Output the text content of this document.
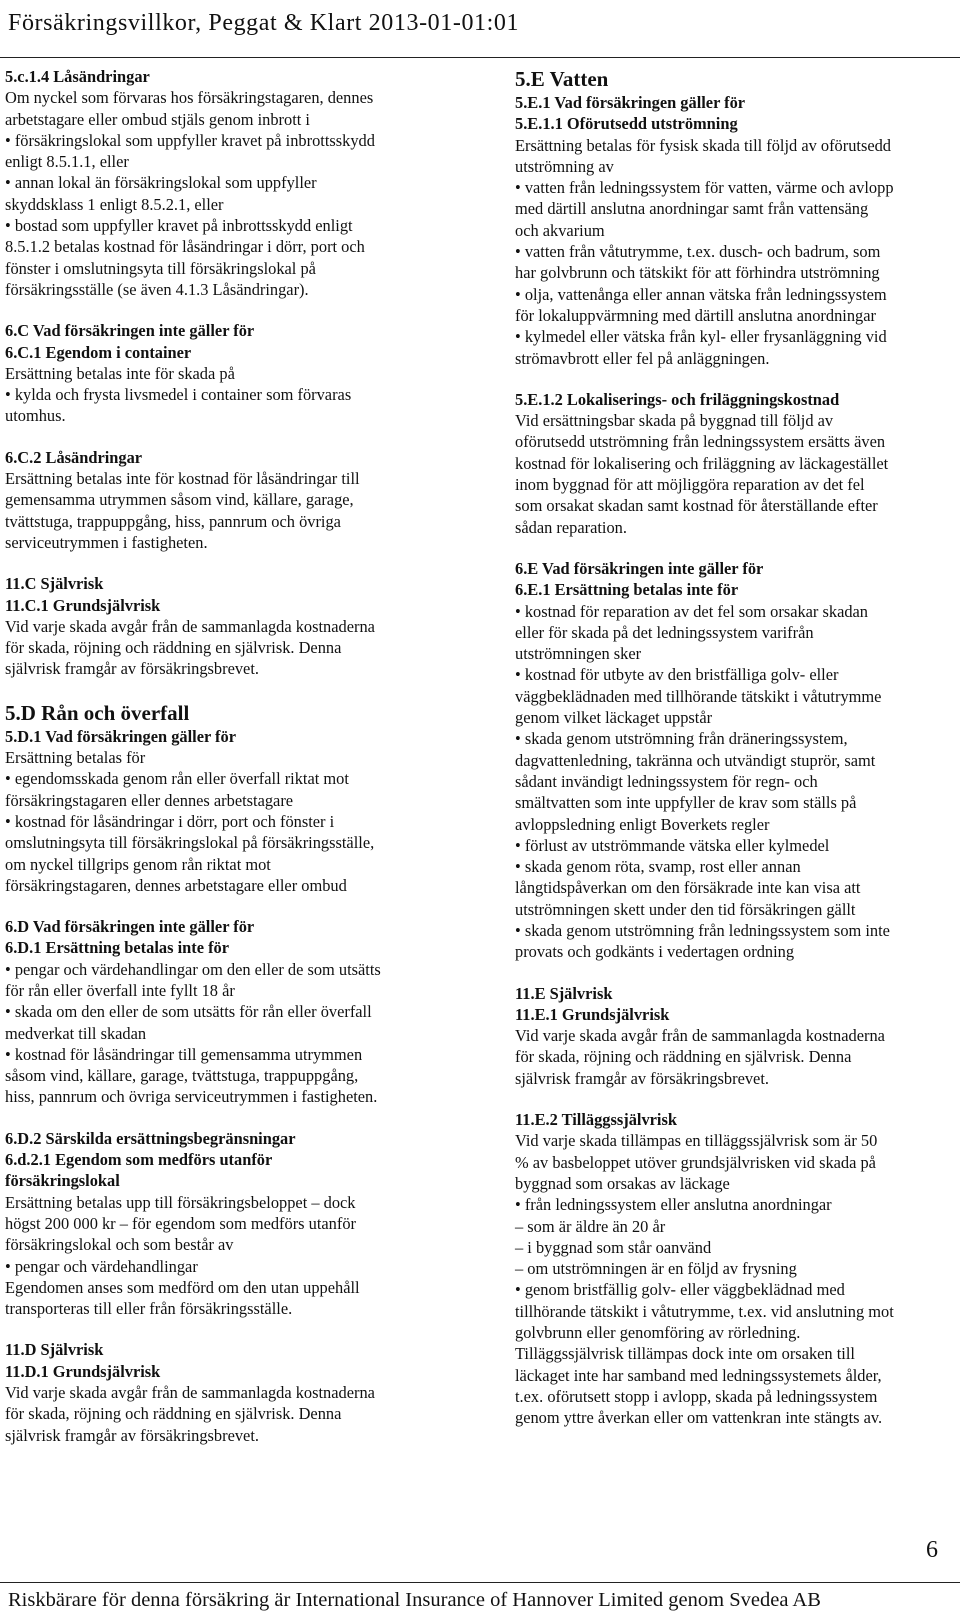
Försäkringsvillkor, Peggat & Klart 2013-01-01:01
5.c.1.4 Låsändringar
Om nyckel som förvaras hos försäkringstagaren, dennes
arbetstagare eller ombud stjäls genom inbrott i
• försäkringslokal som uppfyller kravet på inbrottsskydd
enligt 8.5.1.1, eller
• annan lokal än försäkringslokal som uppfyller
skyddsklass 1 enligt 8.5.2.1, eller
• bostad som uppfyller kravet på inbrottsskydd enligt
8.5.1.2 betalas kostnad för låsändringar i dörr, port och
fönster i omslutningsyta till försäkringslokal på
försäkringsställe (se även 4.1.3 Låsändringar).
6.C Vad försäkringen inte gäller för
6.C.1 Egendom i container
Ersättning betalas inte för skada på
• kylda och frysta livsmedel i container som förvaras
utomhus.
6.C.2 Låsändringar
Ersättning betalas inte för kostnad för låsändringar till
gemensamma utrymmen såsom vind, källare, garage,
tvättstuga, trappuppgång, hiss, pannrum och övriga
serviceutrymmen i fastigheten.
11.C Självrisk
11.C.1 Grundsjälvrisk
Vid varje skada avgår från de sammanlagda kostnaderna
för skada, röjning och räddning en självrisk. Denna
självrisk framgår av försäkringsbrevet.
5.D Rån och överfall
5.D.1 Vad försäkringen gäller för
Ersättning betalas för
• egendomsskada genom rån eller överfall riktat mot
försäkringstagaren eller dennes arbetstagare
• kostnad för låsändringar i dörr, port och fönster i
omslutningsyta till försäkringslokal på försäkringsställe,
om nyckel tillgrips genom rån riktat mot
försäkringstagaren, dennes arbetstagare eller ombud
6.D Vad försäkringen inte gäller för
6.D.1 Ersättning betalas inte för
• pengar och värdehandlingar om den eller de som utsätts
för rån eller överfall inte fyllt 18 år
• skada om den eller de som utsätts för rån eller överfall
medverkat till skadan
• kostnad för låsändringar till gemensamma utrymmen
såsom vind, källare, garage, tvättstuga, trappuppgång,
hiss, pannrum och övriga serviceutrymmen i fastigheten.
6.D.2 Särskilda ersättningsbegränsningar
6.d.2.1 Egendom som medförs utanför
försäkringslokal
Ersättning betalas upp till försäkringsbeloppet – dock
högst 200 000 kr – för egendom som medförs utanför
försäkringslokal och som består av
• pengar och värdehandlingar
Egendomen anses som medförd om den utan uppehåll
transporteras till eller från försäkringsställe.
11.D Självrisk
11.D.1 Grundsjälvrisk
Vid varje skada avgår från de sammanlagda kostnaderna
för skada, röjning och räddning en självrisk. Denna
självrisk framgår av försäkringsbrevet.
5.E Vatten
5.E.1 Vad försäkringen gäller för
5.E.1.1 Oförutsedd utströmning
Ersättning betalas för fysisk skada till följd av oförutsedd
utströmning av
• vatten från ledningssystem för vatten, värme och avlopp
med därtill anslutna anordningar samt från vattensäng
och akvarium
• vatten från våtutrymme, t.ex. dusch- och badrum, som
har golvbrunn och tätskikt för att förhindra utströmning
• olja, vattenånga eller annan vätska från ledningssystem
för lokaluppvärmning med därtill anslutna anordningar
• kylmedel eller vätska från kyl- eller frysanläggning vid
strömavbrott eller fel på anläggningen.
5.E.1.2 Lokaliserings- och friläggningskostnad
Vid ersättningsbar skada på byggnad till följd av
oförutsedd utströmning från ledningssystem ersätts även
kostnad för lokalisering och friläggning av läckagestället
inom byggnad för att möjliggöra reparation av det fel
som orsakat skadan samt kostnad för återställande efter
sådan reparation.
6.E Vad försäkringen inte gäller för
6.E.1 Ersättning betalas inte för
• kostnad för reparation av det fel som orsakar skadan
eller för skada på det ledningssystem varifrån
utströmningen sker
• kostnad för utbyte av den bristfälliga golv- eller
väggbeklädnaden med tillhörande tätskikt i våtutrymme
genom vilket läckaget uppstår
• skada genom utströmning från dräneringssystem,
dagvattenledning, takränna och utvändigt stuprör, samt
sådant invändigt ledningssystem för regn- och
smältvatten som inte uppfyller de krav som ställs på
avloppsledning enligt Boverkets regler
• förlust av utströmmande vätska eller kylmedel
• skada genom röta, svamp, rost eller annan
långtidspåverkan om den försäkrade inte kan visa att
utströmningen skett under den tid försäkringen gällt
• skada genom utströmning från ledningssystem som inte
provats och godkänts i vedertagen ordning
11.E Självrisk
11.E.1 Grundsjälvrisk
Vid varje skada avgår från de sammanlagda kostnaderna
för skada, röjning och räddning en självrisk. Denna
självrisk framgår av försäkringsbrevet.
11.E.2 Tilläggssjälvrisk
Vid varje skada tillämpas en tilläggssjälvrisk som är 50
% av basbeloppet utöver grundsjälvrisken vid skada på
byggnad som orsakas av läckage
• från ledningssystem eller anslutna anordningar
– som är äldre än 20 år
– i byggnad som står oanvänd
– om utströmningen är en följd av frysning
• genom bristfällig golv- eller väggbeklädnad med
tillhörande tätskikt i våtutrymme, t.ex. vid anslutning mot
golvbrunn eller genomföring av rörledning.
Tilläggssjälvrisk tillämpas dock inte om orsaken till
läckaget inte har samband med ledningssystemets ålder,
t.ex. oförutsett stopp i avlopp, skada på ledningssystem
genom yttre åverkan eller om vattenkran inte stängts av.
6
Riskbärare för denna försäkring är International Insurance of Hannover Limited genom Svedea AB
